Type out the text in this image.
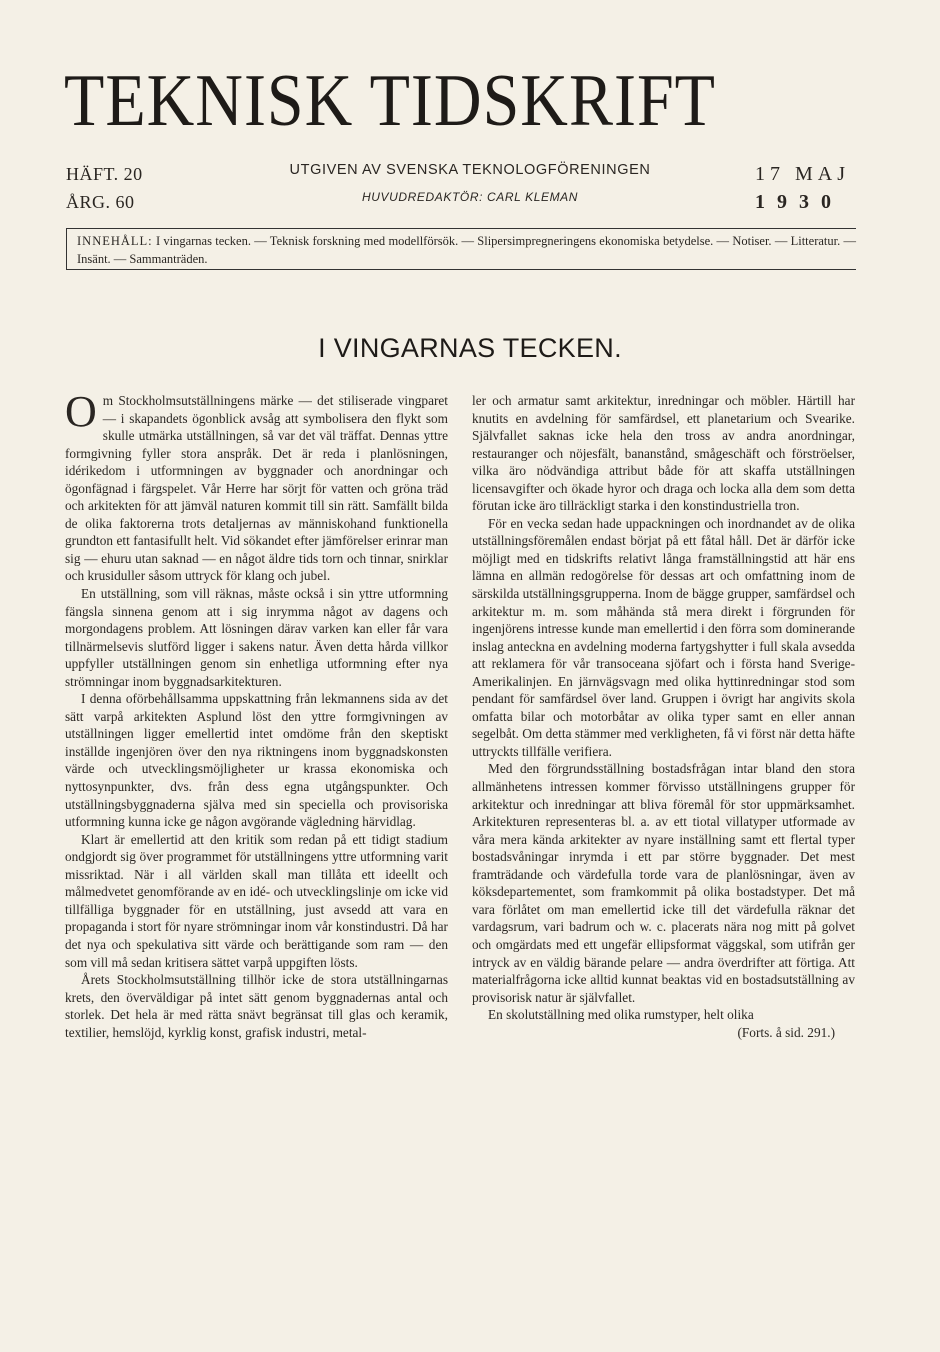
TEKNISK TIDSKRIFT
HÄFT. 20
ÅRG. 60
UTGIVEN AV SVENSKA TEKNOLOGFÖRENINGEN
HUVUDREDAKTÖR: CARL KLEMAN
17 MAJ
1930
INNEHÅLL: I vingarnas tecken. — Teknisk forskning med modellförsök. — Slipersimpregneringens ekonomiska betydelse. — Notiser. — Litteratur. — Insänt. — Sammanträden.
I VINGARNAS TECKEN.

Om Stockholmsutställningens märke — det stiliserade vingparet — i skapandets ögonblick avsåg att symbolisera den flykt som skulle utmärka utställningen, så var det väl träffat. Dennas yttre formgivning fyller stora anspråk. Det är reda i planlösningen, idérikedom i utformningen av byggnader och anordningar och ögonfägnad i färgspelet. Vår Herre har sörjt för vatten och gröna träd och arkitekten för att jämväl naturen kommit till sin rätt. Samfällt bilda de olika faktorerna trots detaljernas av människohand funktionella grundton ett fantasifullt helt. Vid sökandet efter jämförelser erinrar man sig — ehuru utan saknad — en något äldre tids torn och tinnar, snirklar och krusiduller såsom uttryck för klang och jubel.

En utställning, som vill räknas, måste också i sin yttre utformning fängsla sinnena genom att i sig inrymma något av dagens och morgondagens problem. Att lösningen därav varken kan eller får vara tillnärmelsevis slutförd ligger i sakens natur. Även detta hårda villkor uppfyller utställningen genom sin enhetliga utformning efter nya strömningar inom byggnadsarkitekturen.

I denna oförbehållsamma uppskattning från lekmannens sida av det sätt varpå arkitekten Asplund löst den yttre formgivningen av utställningen ligger emellertid intet omdöme från den skeptiskt inställde ingenjören över den nya riktningens inom byggnadskonsten värde och utvecklingsmöjligheter ur krassa ekonomiska och nyttosynpunkter, dvs. från dess egna utgångspunkter. Och utställningsbyggnaderna själva med sin speciella och provisoriska utformning kunna icke ge någon avgörande vägledning härvidlag.

Klart är emellertid att den kritik som redan på ett tidigt stadium ondgjordt sig över programmet för utställningens yttre utformning varit missriktad. När i all världen skall man tillåta ett ideellt och målmedvetet genomförande av en idé- och utvecklingslinje om icke vid tillfälliga byggnader för en utställning, just avsedd att vara en propaganda i stort för nyare strömningar inom vår konstindustri. Då har det nya och spekulativa sitt värde och berättigande som ram — den som vill må sedan kritisera sättet varpå uppgiften lösts.

Årets Stockholmsutställning tillhör icke de stora utställningarnas krets, den överväldigar på intet sätt genom byggnadernas antal och storlek. Det hela är med rätta snävt begränsat till glas och keramik, textilier, hemslöjd, kyrklig konst, grafisk industri, metal-

ler och armatur samt arkitektur, inredningar och möbler. Härtill har knutits en avdelning för samfärdsel, ett planetarium och Svearike. Självfallet saknas icke hela den tross av andra anordningar, restauranger och nöjesfält, bananstånd, smågeschäft och förströelser, vilka äro nödvändiga attribut både för att skaffa utställningen licensavgifter och ökade hyror och draga och locka alla dem som detta förutan icke äro tillräckligt starka i den konstindustriella tron.

För en vecka sedan hade uppackningen och inordnandet av de olika utställningsföremålen endast börjat på ett fåtal håll. Det är därför icke möjligt med en tidskrifts relativt långa framställningstid att här ens lämna en allmän redogörelse för dessas art och omfattning inom de särskilda utställningsgrupperna. Inom de bägge grupper, samfärdsel och arkitektur m. m. som måhända stå mera direkt i förgrunden för ingenjörens intresse kunde man emellertid i den förra som dominerande inslag anteckna en avdelning moderna fartygshytter i full skala avsedda att reklamera för vår transoceana sjöfart och i första hand Sverige-Amerikalinjen. En järnvägsvagn med olika hyttinredningar stod som pendant för samfärdsel över land. Gruppen i övrigt har angivits skola omfatta bilar och motorbåtar av olika typer samt en eller annan segelbåt. Om detta stämmer med verkligheten, få vi först när detta häfte uttryckts tillfälle verifiera.

Med den förgrundsställning bostadsfrågan intar bland den stora allmänhetens intressen kommer förvisso utställningens grupper för arkitektur och inredningar att bliva föremål för stor uppmärksamhet. Arkitekturen representeras bl. a. av ett tiotal villatyper utformade av våra mera kända arkitekter av nyare inställning samt ett flertal typer bostadsvåningar inrymda i ett par större byggnader. Det mest framträdande och värdefulla torde vara de planlösningar, även av köksdepartementet, som framkommit på olika bostadstyper. Det må vara förlåtet om man emellertid icke till det värdefulla räknar det vardagsrum, vari badrum och w. c. placerats nära nog mitt på golvet och omgärdats med ett ungefär ellipsformat väggskal, som utifrån ger intryck av en väldig bärande pelare — andra överdrifter att förtiga. Att materialfrågorna icke alltid kunnat beaktas vid en bostadsutställning av provisorisk natur är självfallet.

En skolutställning med olika rumstyper, helt olika

(Forts. å sid. 291.)
